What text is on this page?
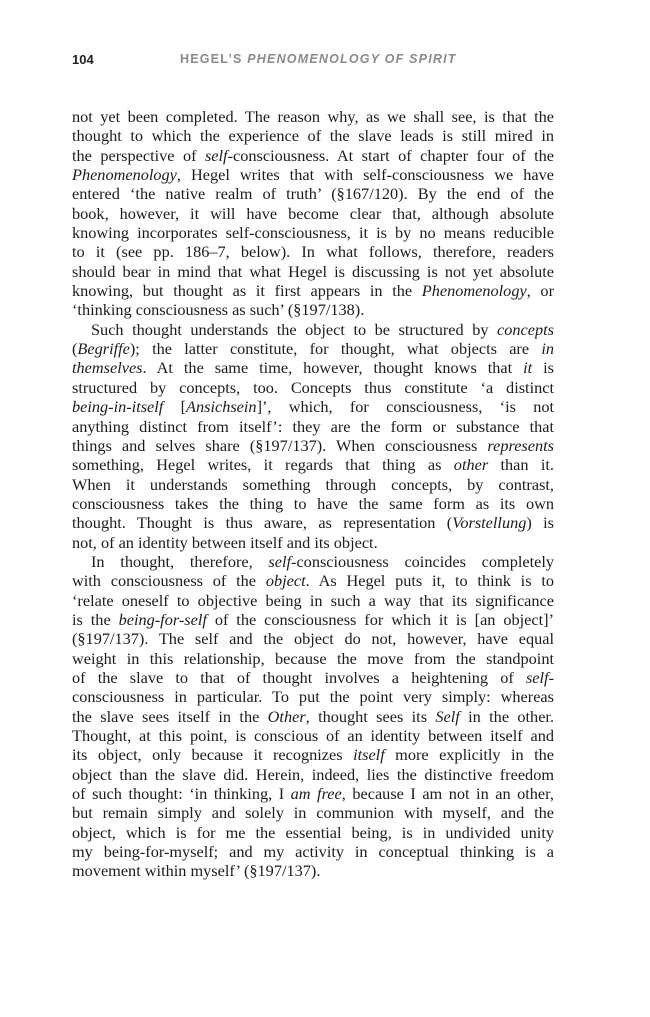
104	HEGEL’S PHENOMENOLOGY OF SPIRIT
not yet been completed. The reason why, as we shall see, is that the
thought to which the experience of the slave leads is still mired in
the perspective of self-consciousness. At start of chapter four of the
Phenomenology, Hegel writes that with self-consciousness we have
entered ‘the native realm of truth’ (§167/120). By the end of the
book, however, it will have become clear that, although absolute
knowing incorporates self-consciousness, it is by no means reducible
to it (see pp. 186–7, below). In what follows, therefore, readers
should bear in mind that what Hegel is discussing is not yet absolute
knowing, but thought as it first appears in the Phenomenology, or
‘thinking consciousness as such’ (§197/138).
Such thought understands the object to be structured by concepts
(Begriffe); the latter constitute, for thought, what objects are in
themselves. At the same time, however, thought knows that it is
structured by concepts, too. Concepts thus constitute ‘a distinct
being-in-itself [Ansichsein]’, which, for consciousness, ‘is not
anything distinct from itself’: they are the form or substance that
things and selves share (§197/137). When consciousness represents
something, Hegel writes, it regards that thing as other than it.
When it understands something through concepts, by contrast,
consciousness takes the thing to have the same form as its own
thought. Thought is thus aware, as representation (Vorstellung) is
not, of an identity between itself and its object.
In thought, therefore, self-consciousness coincides completely
with consciousness of the object. As Hegel puts it, to think is to
‘relate oneself to objective being in such a way that its significance
is the being-for-self of the consciousness for which it is [an object]’
(§197/137). The self and the object do not, however, have equal
weight in this relationship, because the move from the standpoint
of the slave to that of thought involves a heightening of self-
consciousness in particular. To put the point very simply: whereas
the slave sees itself in the Other, thought sees its Self in the other.
Thought, at this point, is conscious of an identity between itself and
its object, only because it recognizes itself more explicitly in the
object than the slave did. Herein, indeed, lies the distinctive freedom
of such thought: ‘in thinking, I am free, because I am not in an other,
but remain simply and solely in communion with myself, and the
object, which is for me the essential being, is in undivided unity
my being-for-myself; and my activity in conceptual thinking is a
movement within myself’ (§197/137).
